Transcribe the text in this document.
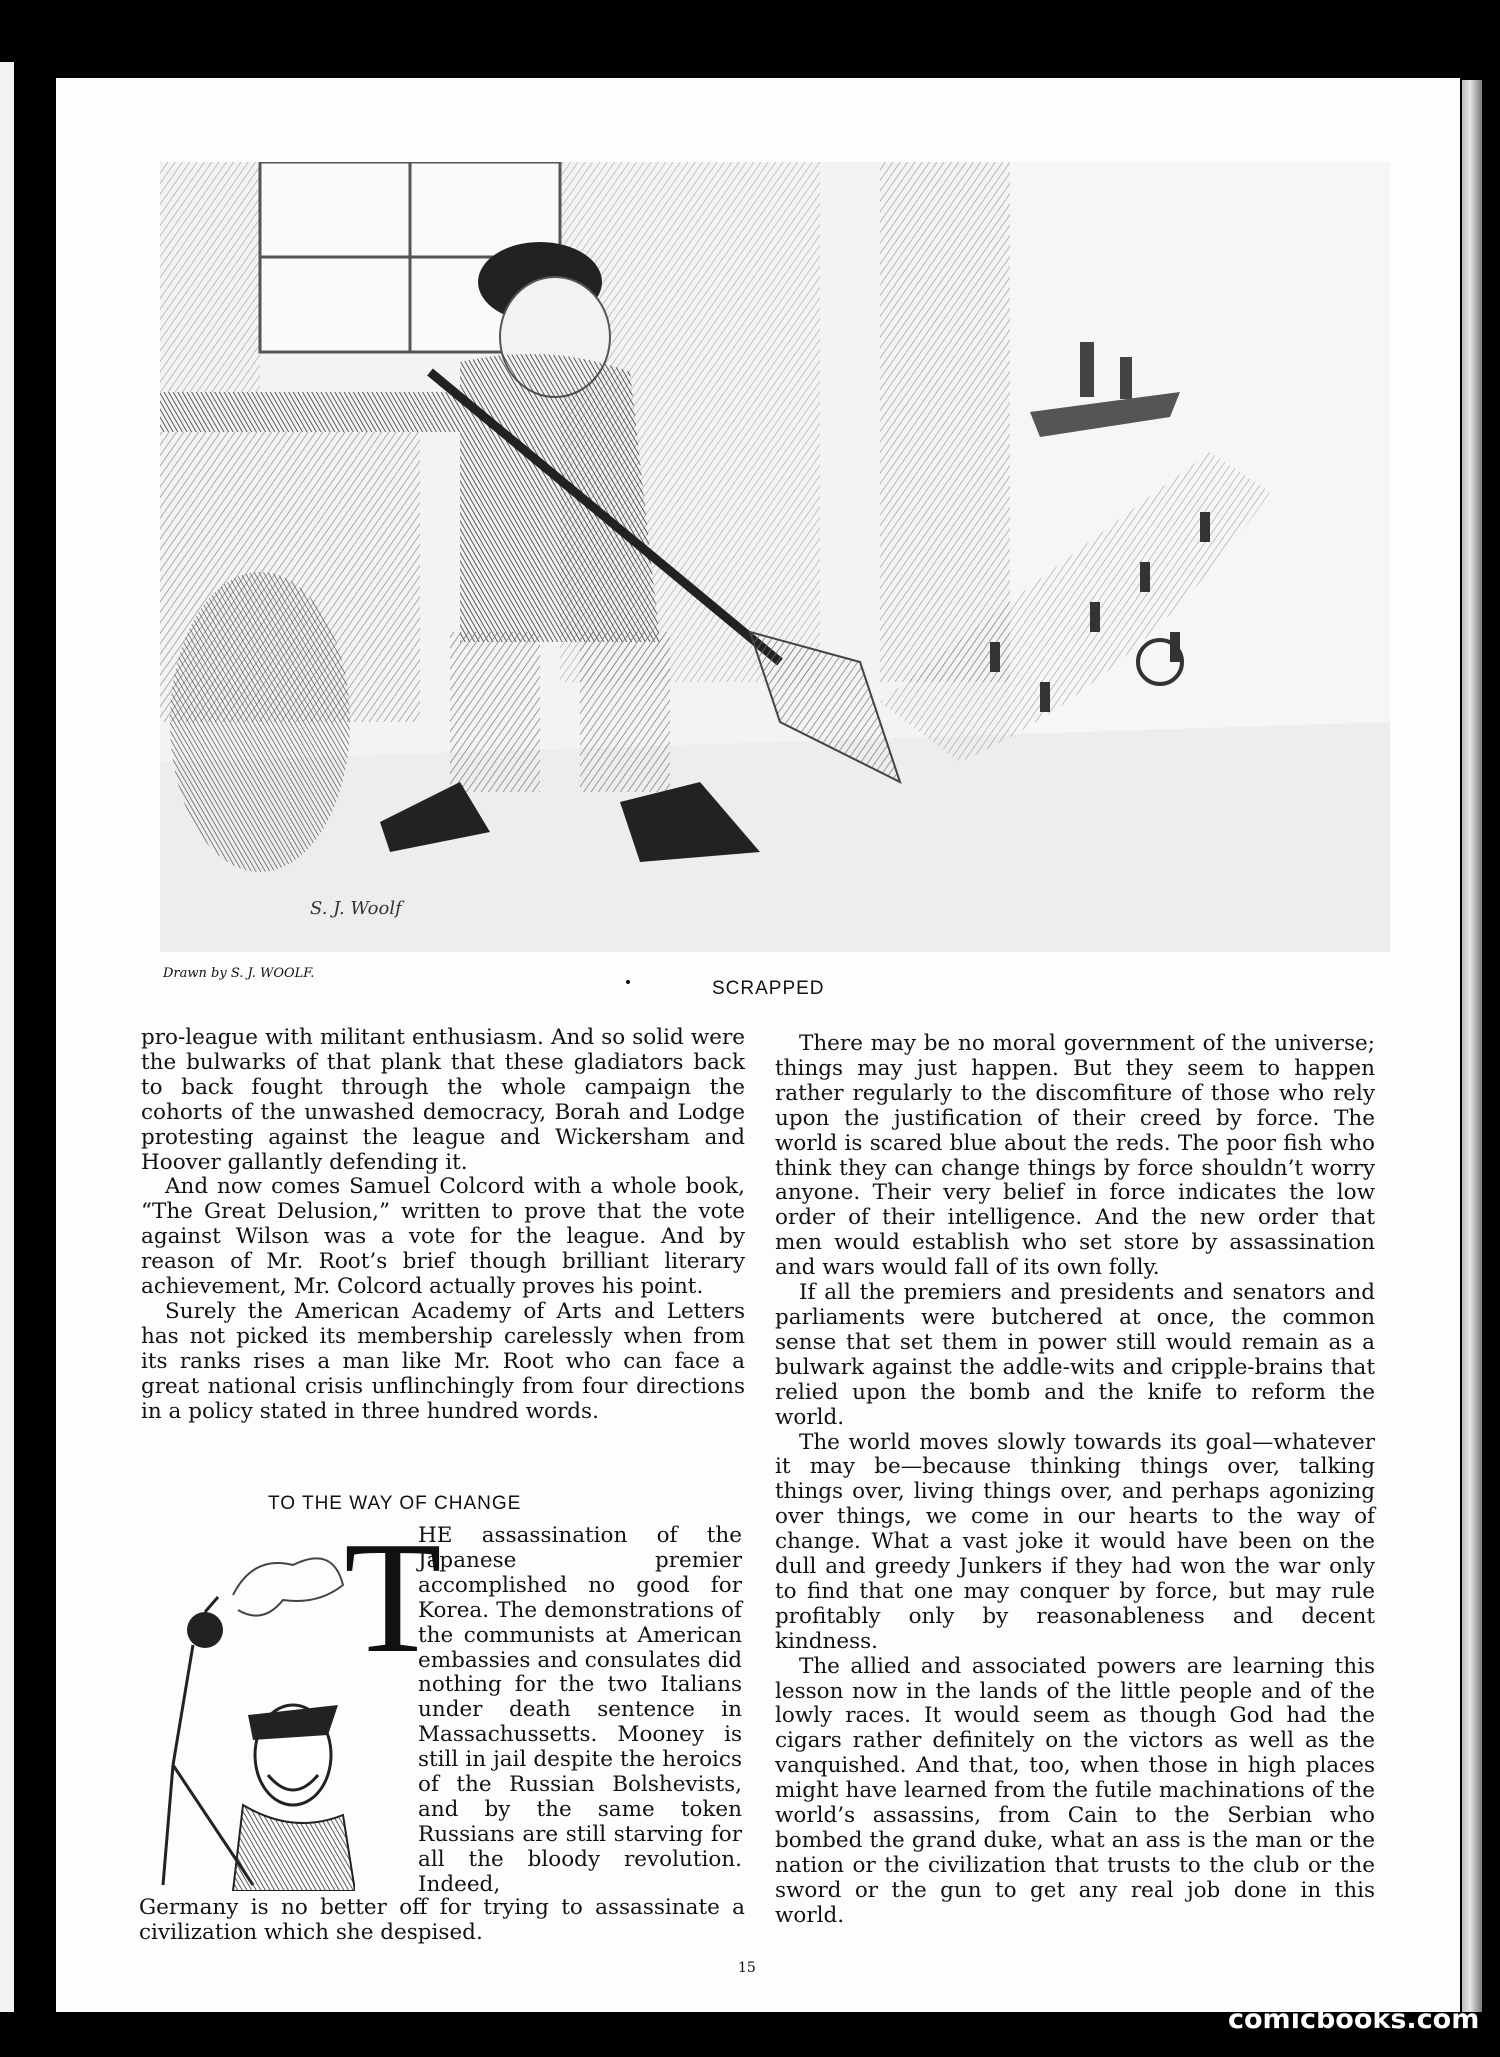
S. J. Woolf
Drawn by S. J. WOOLF.
SCRAPPED

pro-league with militant enthusiasm. And so solid were the bulwarks of that plank that these gladiators back to back fought through the whole campaign the cohorts of the unwashed democracy, Borah and Lodge protesting against the league and Wickersham and Hoover gallantly defending it.

And now comes Samuel Colcord with a whole book, “The Great Delusion,” written to prove that the vote against Wilson was a vote for the league. And by reason of Mr. Root’s brief though brilliant literary achievement, Mr. Colcord actually proves his point.

Surely the American Academy of Arts and Letters has not picked its membership carelessly when from its ranks rises a man like Mr. Root who can face a great national crisis unflinchingly from four directions in a policy stated in three hundred words.

TO THE WAY OF CHANGE
T

HE assassination of the Japanese premier accomplished no good for Korea. The demonstrations of the communists at American embassies and consulates did nothing for the two Italians under death sentence in Massachussetts. Mooney is still in jail despite the heroics of the Russian Bolshevists, and by the same token Russians are still starving for all the bloody revolution. Indeed,

Germany is no better off for trying to assassinate a civilization which she despised.

There may be no moral government of the universe; things may just happen. But they seem to happen rather regularly to the discomfiture of those who rely upon the justification of their creed by force. The world is scared blue about the reds. The poor fish who think they can change things by force shouldn’t worry anyone. Their very belief in force indicates the low order of their intelligence. And the new order that men would establish who set store by assassination and wars would fall of its own folly.

If all the premiers and presidents and senators and parliaments were butchered at once, the common sense that set them in power still would remain as a bulwark against the addle-wits and cripple-brains that relied upon the bomb and the knife to reform the world.

The world moves slowly towards its goal—whatever it may be—because thinking things over, talking things over, living things over, and perhaps agonizing over things, we come in our hearts to the way of change. What a vast joke it would have been on the dull and greedy Junkers if they had won the war only to find that one may conquer by force, but may rule profitably only by reasonableness and decent kindness.

The allied and associated powers are learning this lesson now in the lands of the little people and of the lowly races. It would seem as though God had the cigars rather definitely on the victors as well as the vanquished. And that, too, when those in high places might have learned from the futile machinations of the world’s assassins, from Cain to the Serbian who bombed the grand duke, what an ass is the man or the nation or the civilization that trusts to the club or the sword or the gun to get any real job done in this world.

15
comicbooks.com
